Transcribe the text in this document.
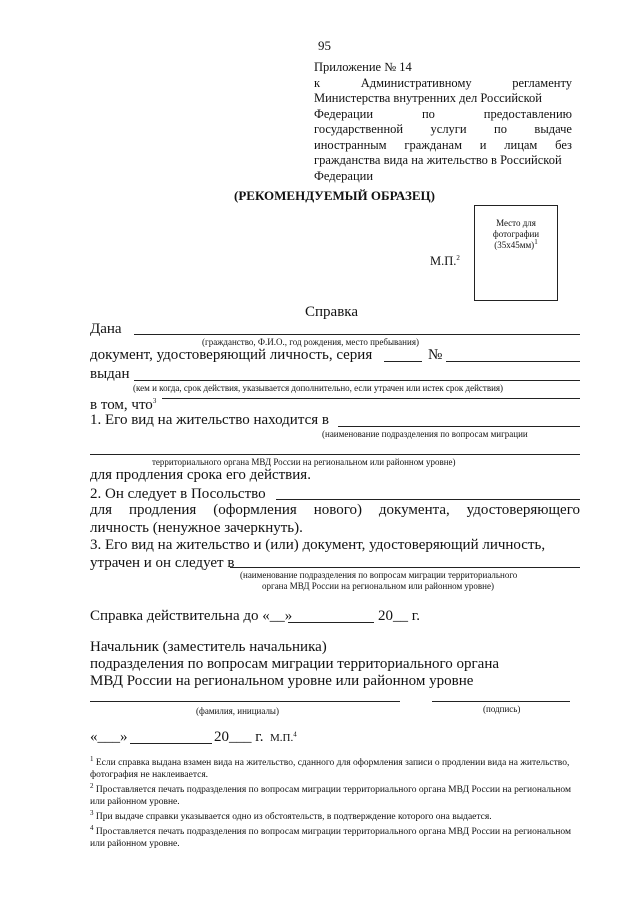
95
Приложение № 14
к	Административному	регламенту
Министерства внутренних дел Российской
Федерации	по	предоставлению
государственной услуги по выдаче
иностранным гражданам и лицам без
гражданства вида на жительство в Российской
Федерации
(РЕКОМЕНДУЕМЫЙ ОБРАЗЕЦ)
Место для
фотографии
$(35х45мм)^1$
М.П.$^2$
Справка
Дана
(гражданство, Ф.И.О., год рождения, место пребывания)
документ, удостоверяющий личность, серия	№
выдан
(кем и когда, срок действия, указывается дополнительно, если утрачен или истек срок действия)
в том, что$^3$
1. Его вид на жительство находится в
(наименование подразделения по вопросам миграции
территориального органа МВД России на региональном или районном уровне)
для продления срока его действия.
2. Он следует в Посольство
для продления (оформления нового) документа, удостоверяющего
личность (ненужное зачеркнуть).
3. Его вид на жительство и (или) документ, удостоверяющий личность,
утрачен и он следует в
(наименование подразделения по вопросам миграции территориального
органа МВД России на региональном или районном уровне)
Справка действительна до «__»	20__ г.
Начальник (заместитель начальника)
подразделения по вопросам миграции территориального органа
МВД России на региональном уровне или районном уровне
(фамилия, инициалы)	(подпись)
«___»	20___ г. М.П.$^4$

$^1$ Если справка выдана взамен вида на жительство, сданного для оформления записи о продлении вида на жительство, фотография не наклеивается.

$^2$ Проставляется печать подразделения по вопросам миграции территориального органа МВД России на региональном или районном уровне.

$^3$ При выдаче справки указывается одно из обстоятельств, в подтверждение которого она выдается.

$^4$ Проставляется печать подразделения по вопросам миграции территориального органа МВД России на региональном или районном уровне.
